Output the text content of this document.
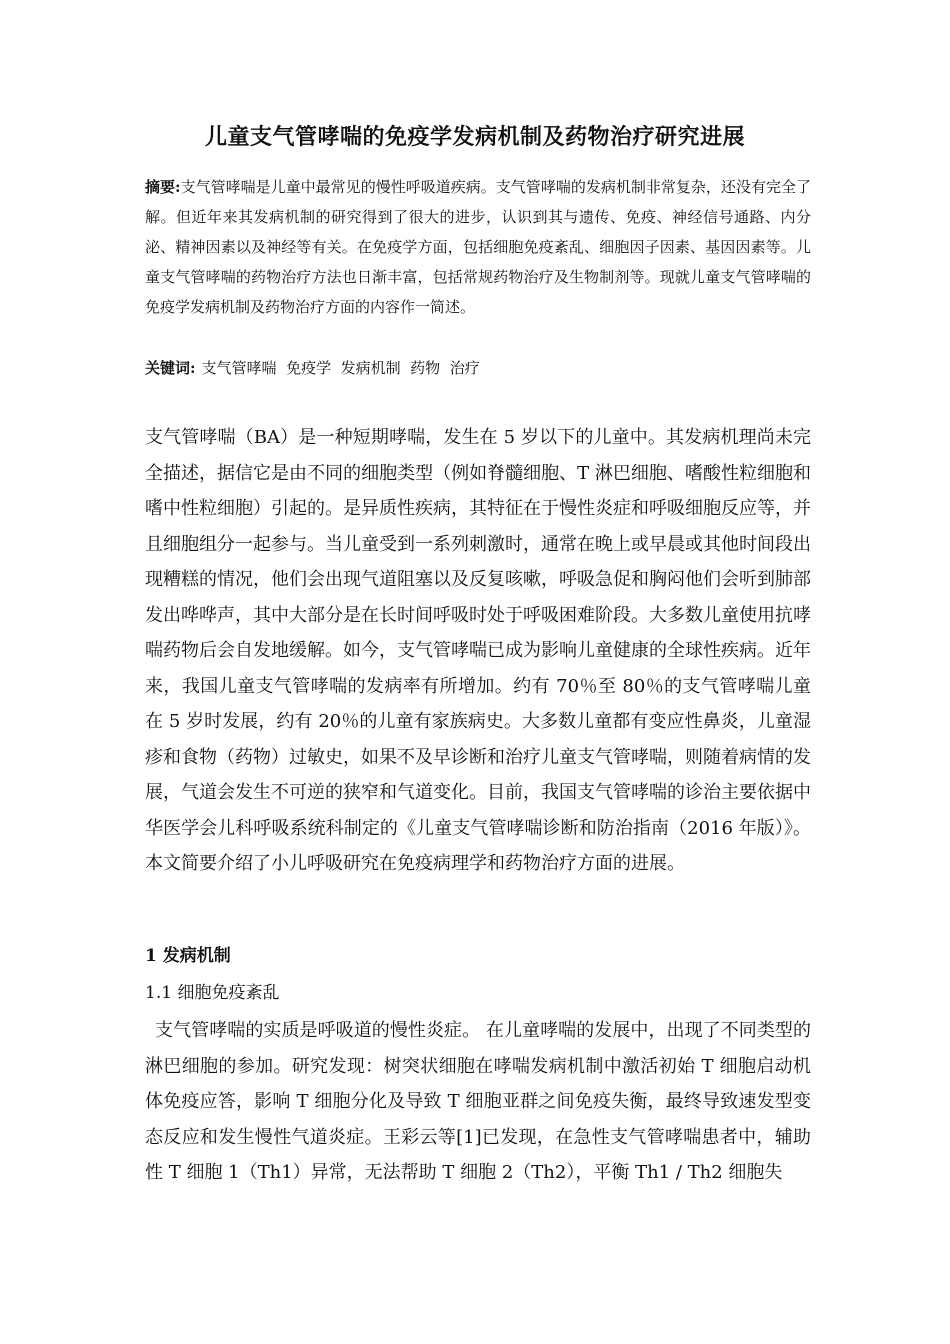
儿童支气管哮喘的免疫学发病机制及药物治疗研究进展
摘要:支气管哮喘是儿童中最常见的慢性呼吸道疾病。支气管哮喘的发病机制非常复杂，还没有完全了解。但近年来其发病机制的研究得到了很大的进步，认识到其与遗传、免疫、神经信号通路、内分泌、精神因素以及神经等有关。在免疫学方面，包括细胞免疫紊乱、细胞因子因素、基因因素等。儿童支气管哮喘的药物治疗方法也日渐丰富，包括常规药物治疗及生物制剂等。现就儿童支气管哮喘的免疫学发病机制及药物治疗方面的内容作一简述。
关键词: 支气管哮喘  免疫学  发病机制  药物  治疗
支气管哮喘（BA）是一种短期哮喘，发生在 5 岁以下的儿童中。其发病机理尚未完全描述，据信它是由不同的细胞类型（例如脊髓细胞、T 淋巴细胞、嗜酸性粒细胞和嗜中性粒细胞）引起的。是异质性疾病，其特征在于慢性炎症和呼吸细胞反应等，并且细胞组分一起参与。当儿童受到一系列刺激时，通常在晚上或早晨或其他时间段出现糟糕的情况，他们会出现气道阻塞以及反复咳嗽，呼吸急促和胸闷他们会听到肺部发出哗哗声，其中大部分是在长时间呼吸时处于呼吸困难阶段。大多数儿童使用抗哮喘药物后会自发地缓解。如今，支气管哮喘已成为影响儿童健康的全球性疾病。近年来，我国儿童支气管哮喘的发病率有所增加。约有 70％至 80％的支气管哮喘儿童在 5 岁时发展，约有 20％的儿童有家族病史。大多数儿童都有变应性鼻炎，儿童湿疹和食物（药物）过敏史，如果不及早诊断和治疗儿童支气管哮喘，则随着病情的发展，气道会发生不可逆的狭窄和气道变化。目前，我国支气管哮喘的诊治主要依据中华医学会儿科呼吸系统科制定的《儿童支气管哮喘诊断和防治指南（2016 年版）》。本文简要介绍了小儿呼吸研究在免疫病理学和药物治疗方面的进展。
1 发病机制
1.1 细胞免疫紊乱
支气管哮喘的实质是呼吸道的慢性炎症。 在儿童哮喘的发展中，出现了不同类型的淋巴细胞的参加。研究发现：树突状细胞在哮喘发病机制中激活初始 T 细胞启动机体免疫应答，影响 T 细胞分化及导致 T 细胞亚群之间免疫失衡，最终导致速发型变态反应和发生慢性气道炎症。王彩云等[1]已发现，在急性支气管哮喘患者中，辅助性 T 细胞 1（Th1）异常，无法帮助 T 细胞 2（Th2），平衡 Th1 / Th2 细胞失
